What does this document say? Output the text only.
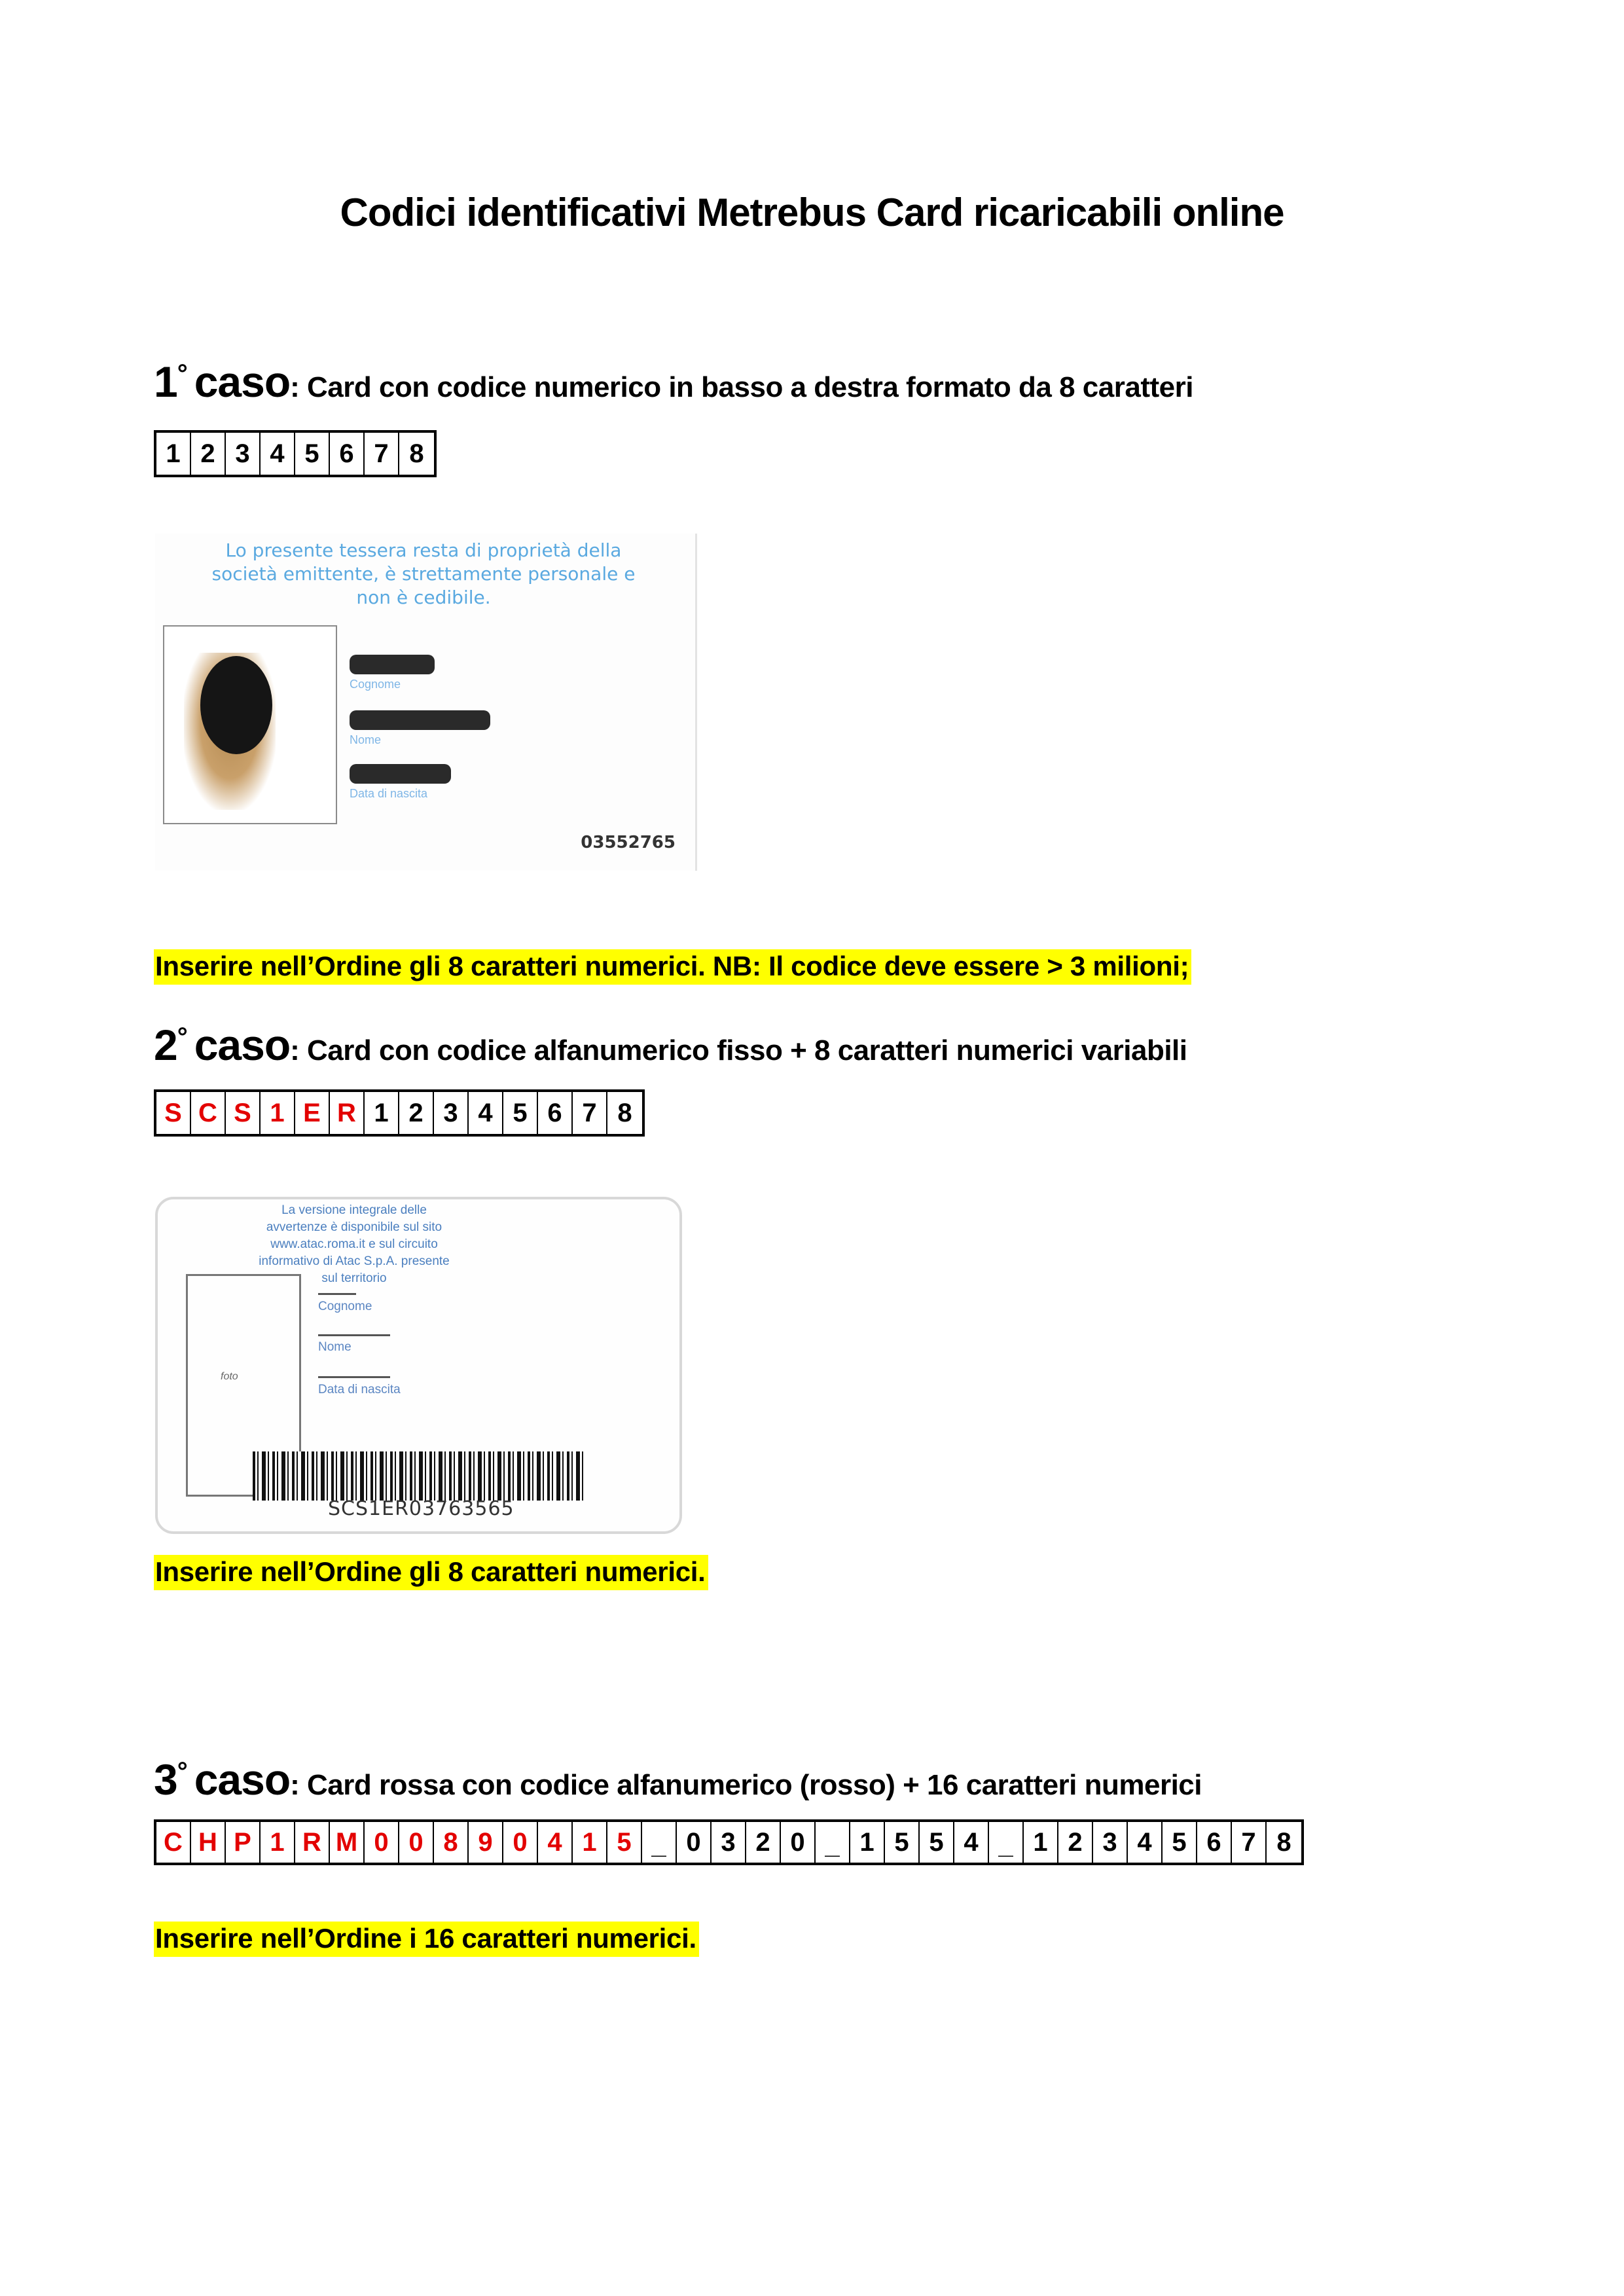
Codici identificativi Metrebus Card ricaricabili online
1° caso: Card con codice numerico in basso a destra formato da 8 caratteri
1 2 3 4 5 6 7 8
Lo presente tessera resta di proprietà della società emittente, è strettamente personale e non è cedibile.
Cognome
Nome
Data di nascita
03552765
Inserire nell’Ordine gli 8 caratteri numerici. NB: Il codice deve essere > 3 milioni;
2° caso: Card con codice alfanumerico fisso + 8 caratteri numerici variabili
S C S 1 E R 1 2 3 4 5 6 7 8
La versione integrale delle avvertenze è disponibile sul sito www.atac.roma.it e sul circuito informativo di Atac S.p.A. presente sul territorio
foto
Cognome
Nome
Data di nascita
SCS1ER03763565
Inserire nell’Ordine gli 8 caratteri numerici.
3° caso: Card rossa con codice alfanumerico (rosso) + 16 caratteri numerici
C H P 1 R M 0 0 8 9 0 4 1 5 _ 0 3 2 0 _ 1 5 5 4 _ 1 2 3 4 5 6 7 8
Inserire nell’Ordine i 16 caratteri numerici.
